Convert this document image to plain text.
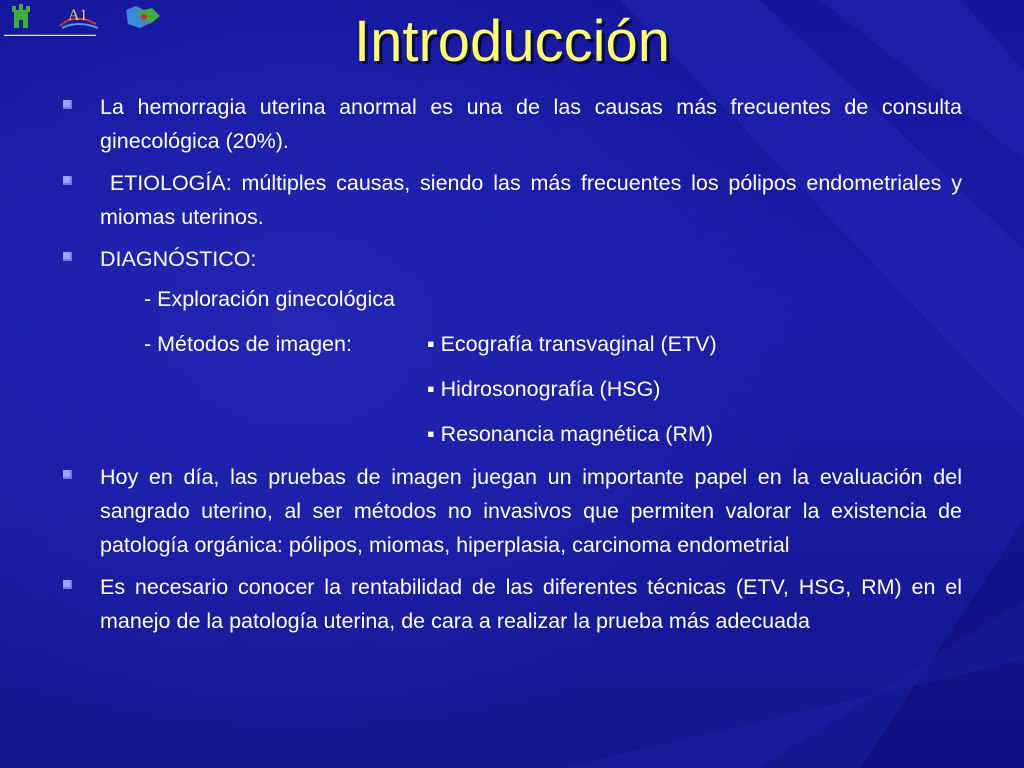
A1
▬▬▬▬▬▬▬▬▬▬▬▬▬▬▬▬▬▬▬▬▬▬▬	Introducción
La hemorragia uterina anormal es una de las causas más frecuentes de consulta ginecológica (20%).
ETIOLOGÍA: múltiples causas, siendo las más frecuentes los pólipos endometriales y  miomas uterinos.
DIAGNÓSTICO:
- Exploración ginecológica
- Métodos de imagen:	▪ Ecografía transvaginal (ETV)
▪ Hidrosonografía (HSG)
▪ Resonancia magnética (RM)
Hoy en día, las pruebas de imagen juegan un importante papel en la evaluación del sangrado uterino, al ser métodos no invasivos que permiten valorar la existencia de patología orgánica: pólipos, miomas, hiperplasia, carcinoma endometrial
Es necesario conocer la rentabilidad de las diferentes técnicas (ETV, HSG, RM) en el manejo de la patología uterina, de cara a realizar la prueba más adecuada
